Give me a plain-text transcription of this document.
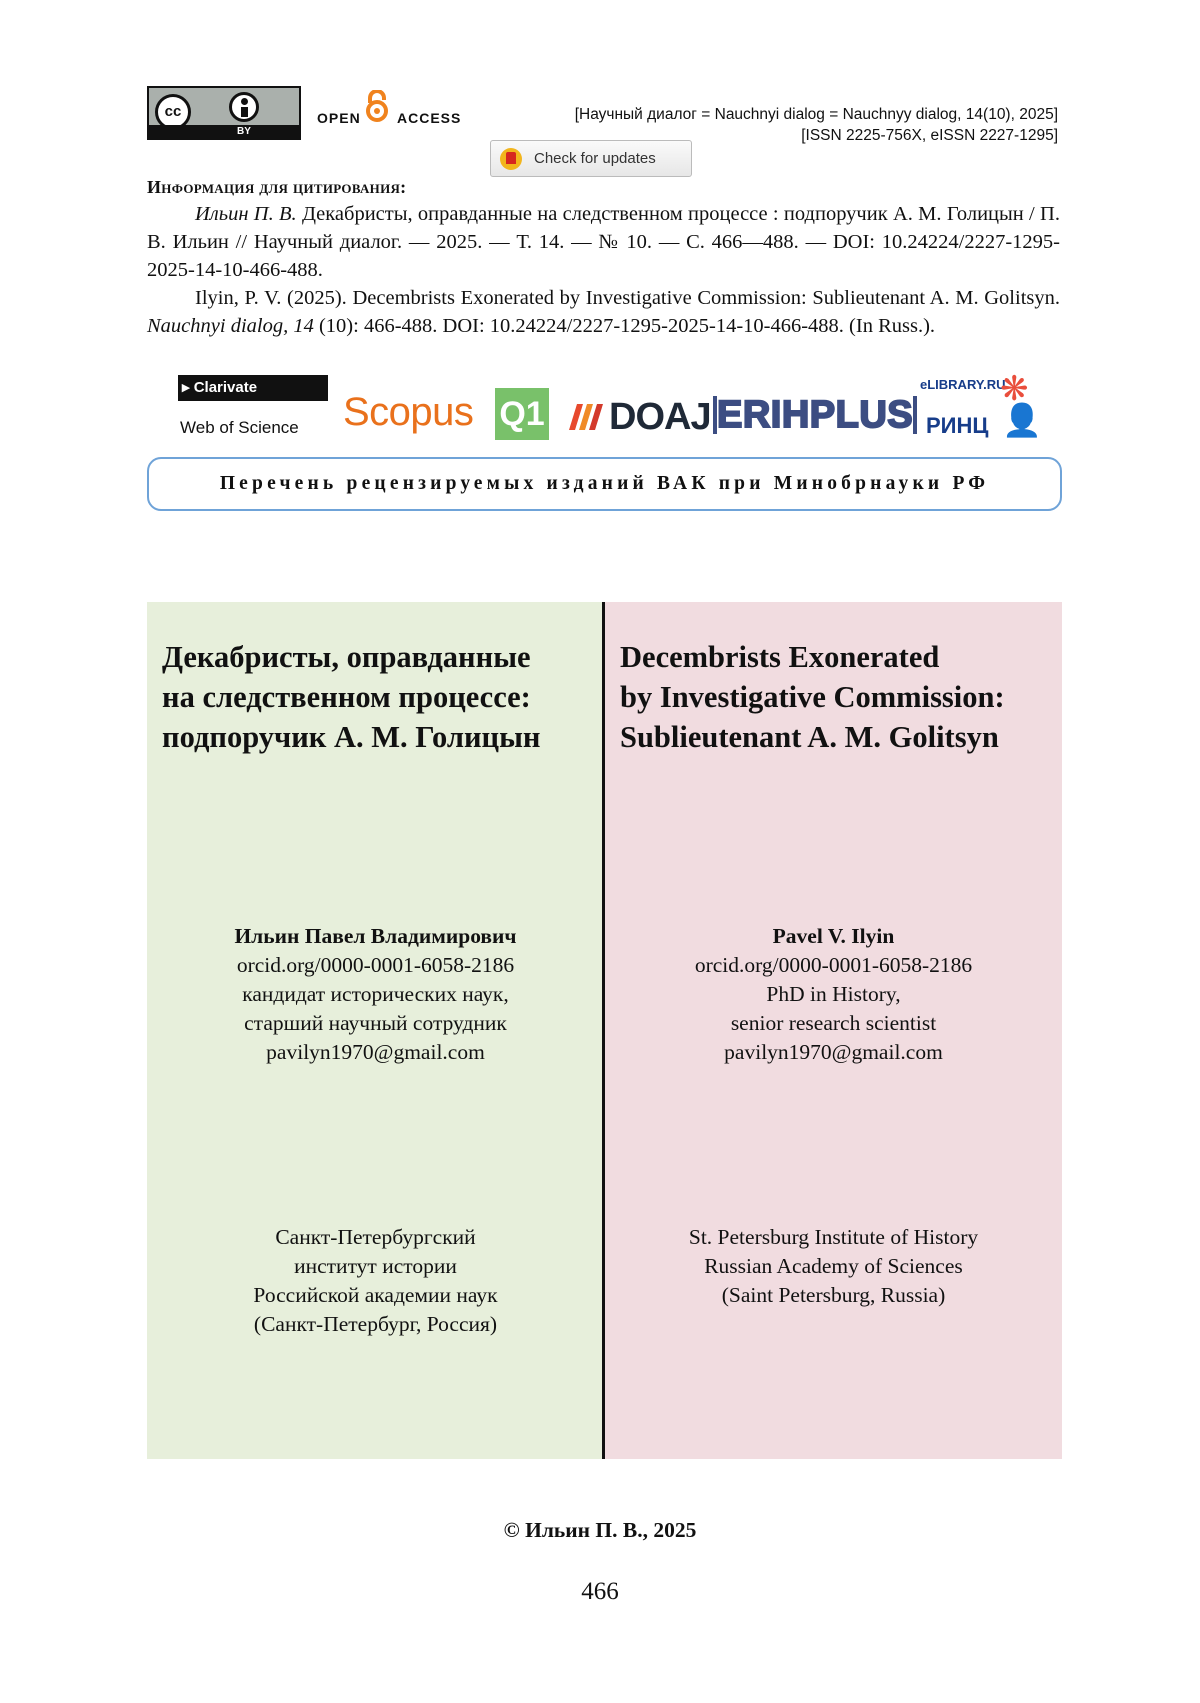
cc
BY
OPEN	ACCESS	[Научный диалог = Nauchnyi dialog = Nauchnyy dialog, 14(10), 2025]
[ISSN 2225-756X, eISSN 2227-1295]
Check for updates
Информация для цитирования:

Ильин П. В. Декабристы, оправданные на следственном процессе : подпоручик А. М. Голицын / П. В. Ильин // Научный диалог. — 2025. — Т. 14. — № 10. — С. 466—488. — DOI: 10.24224/2227-1295-2025-14-10-466-488.

Ilyin, P. V. (2025). Decembrists Exonerated by Investigative Commission: Sublieutenant A. M. Golitsyn. Nauchnyi dialog, 14 (10): 466-488. DOI: 10.24224/2227-1295-2025-14-10-466-488. (In Russ.).

▸ Clarivate
Web of Science Scopus Q1 DOAJ ERIHPLUS
eLIBRARY.RU
РИНЦ
❋
👤
Перечень рецензируемых изданий ВАК при Минобрнауки РФ
Декабристы, оправданные
на следственном процессе:
подпоручик А. М. Голицын
Decembrists Exonerated
by Investigative Commission:
Sublieutenant A. M. Golitsyn
Ильин Павел Владимирович
orcid.org/0000-0001-6058-2186
кандидат исторических наук,
старший научный сотрудник
pavilyn1970@gmail.com
Pavel V. Ilyin
orcid.org/0000-0001-6058-2186
PhD in History,
senior research scientist
pavilyn1970@gmail.com
Санкт-Петербургский
институт истории
Российской академии наук
(Санкт-Петербург, Россия)
St. Petersburg Institute of History
Russian Academy of Sciences
(Saint Petersburg, Russia)
© Ильин П. В., 2025
466
